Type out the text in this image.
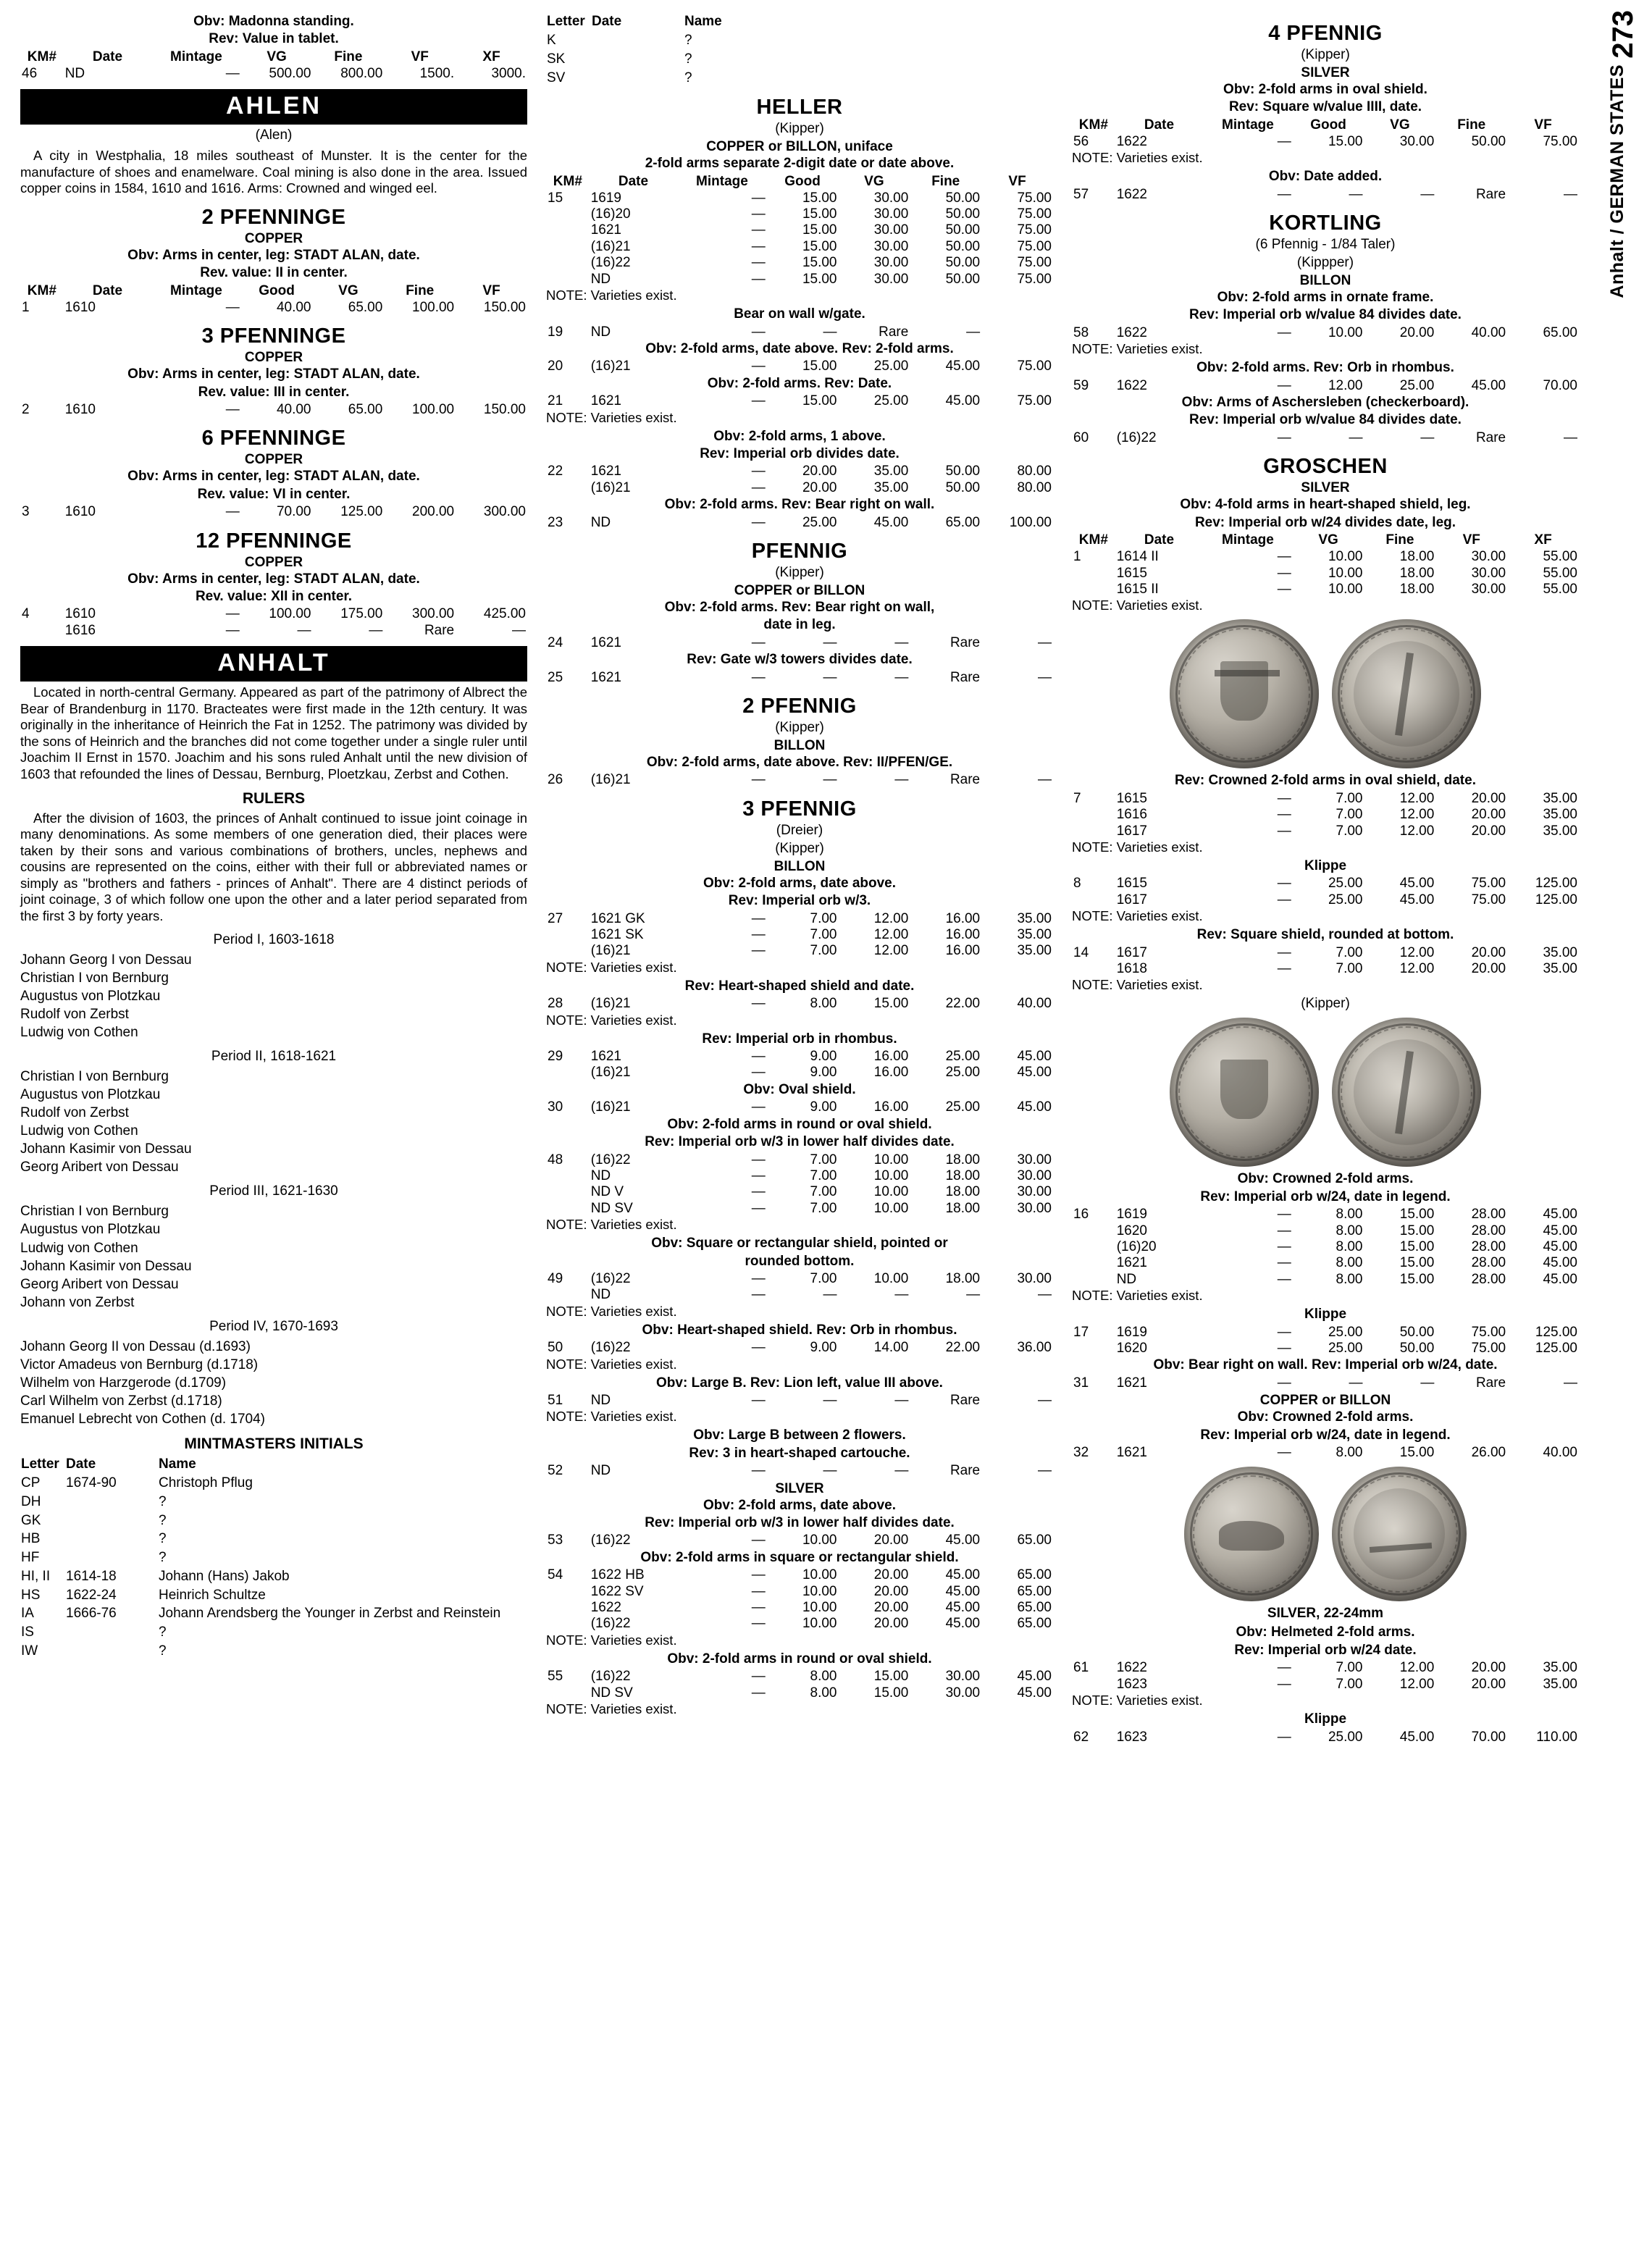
273
Anhalt / GERMAN STATES
Obv: Madonna standing.
Rev: Value in tablet.
KM#	Date	Mintage	VG	Fine	VF	XF
46	ND	—	500.00	800.00	1500.	3000.
AHLEN
(Alen)

A city in Westphalia, 18 miles southeast of Munster. It is the center for the manufacture of shoes and enamelware. Coal mining is also done in the area. Issued copper coins in 1584, 1610 and 1616. Arms: Crowned and winged eel.

2 PFENNINGE
COPPER
Obv: Arms in center, leg: STADT ALAN, date.
Rev. value: II in center.
KM#	Date	Mintage	Good	VG	Fine	VF
1	1610	—	40.00	65.00	100.00	150.00
3 PFENNINGE
COPPER
Obv: Arms in center, leg: STADT ALAN, date.
Rev. value: III in center.
2	1610	—	40.00	65.00	100.00	150.00
6 PFENNINGE
COPPER
Obv: Arms in center, leg: STADT ALAN, date.
Rev. value: VI in center.
3	1610	—	70.00	125.00	200.00	300.00
12 PFENNINGE
COPPER
Obv: Arms in center, leg: STADT ALAN, date.
Rev. value: XII in center.
4	1610	—	100.00	175.00	300.00	425.00
	1616	—	—	—	Rare	—
ANHALT

Located in north-central Germany. Appeared as part of the patrimony of Albrect the Bear of Brandenburg in 1170. Bracteates were first made in the 12th century. It was originally in the inheritance of Heinrich the Fat in 1252. The patrimony was divided by the sons of Heinrich and the branches did not come together under a single ruler until Joachim II Ernst in 1570. Joachim and his sons ruled Anhalt until the new division of 1603 that refounded the lines of Dessau, Bernburg, Ploetzkau, Zerbst and Cothen.

RULERS

After the division of 1603, the princes of Anhalt continued to issue joint coinage in many denominations. As some members of one generation died, their places were taken by their sons and various combinations of brothers, uncles, nephews and cousins are represented on the coins, either with their full or abbreviated names or simply as "brothers and fathers - princes of Anhalt". There are 4 distinct periods of joint coinage, 3 of which follow one upon the other and a later period separated from the first 3 by forty years.

Period I, 1603-1618
Johann Georg I von Dessau
Christian I von Bernburg
Augustus von Plotzkau
Rudolf von Zerbst
Ludwig von Cothen
Period II, 1618-1621
Christian I von Bernburg
Augustus von Plotzkau
Rudolf von Zerbst
Ludwig von Cothen
Johann Kasimir von Dessau
Georg Aribert von Dessau
Period III, 1621-1630
Christian I von Bernburg
Augustus von Plotzkau
Ludwig von Cothen
Johann Kasimir von Dessau
Georg Aribert von Dessau
Johann von Zerbst
Period IV, 1670-1693
Johann Georg II von Dessau (d.1693)
Victor Amadeus von Bernburg (d.1718)
Wilhelm von Harzgerode (d.1709)
Carl Wilhelm von Zerbst (d.1718)
Emanuel Lebrecht von Cothen (d. 1704)
MINTMASTERS INITIALS
Letter	Date	Name
CP	1674-90	Christoph Pflug
DH		?
GK		?
HB		?
HF		?
HI, II	1614-18	Johann (Hans) Jakob
HS	1622-24	Heinrich Schultze
IA	1666-76	Johann Arendsberg the Younger in Zerbst and Reinstein
IS		?
IW		?
Letter	Date	Name
K		?
SK		?
SV		?
HELLER
(Kipper)
COPPER or BILLON, uniface
2-fold arms separate 2-digit date or date above.
KM#	Date	Mintage	Good	VG	Fine	VF
15	1619	—	15.00	30.00	50.00	75.00
	(16)20	—	15.00	30.00	50.00	75.00
	1621	—	15.00	30.00	50.00	75.00
	(16)21	—	15.00	30.00	50.00	75.00
	(16)22	—	15.00	30.00	50.00	75.00
	ND	—	15.00	30.00	50.00	75.00
NOTE: Varieties exist.
Bear on wall w/gate.
19	ND	—	—	Rare	—	
Obv: 2-fold arms, date above. Rev: 2-fold arms.
20	(16)21	—	15.00	25.00	45.00	75.00
Obv: 2-fold arms. Rev: Date.
21	1621	—	15.00	25.00	45.00	75.00
NOTE: Varieties exist.
Obv: 2-fold arms, 1 above.
Rev: Imperial orb divides date.
22	1621	—	20.00	35.00	50.00	80.00
	(16)21	—	20.00	35.00	50.00	80.00
Obv: 2-fold arms. Rev: Bear right on wall.
23	ND	—	25.00	45.00	65.00	100.00
PFENNIG
(Kipper)
COPPER or BILLON
Obv: 2-fold arms. Rev: Bear right on wall,
date in leg.
24	1621	—	—	—	Rare	—
Rev: Gate w/3 towers divides date.
25	1621	—	—	—	Rare	—
2 PFENNIG
(Kipper)
BILLON
Obv: 2-fold arms, date above. Rev: II/PFEN/GE.
26	(16)21	—	—	—	Rare	—
3 PFENNIG
(Dreier)
(Kipper)
BILLON
Obv: 2-fold arms, date above.
Rev: Imperial orb w/3.
27	1621 GK	—	7.00	12.00	16.00	35.00
	1621 SK	—	7.00	12.00	16.00	35.00
	(16)21	—	7.00	12.00	16.00	35.00
NOTE: Varieties exist.
Rev: Heart-shaped shield and date.
28	(16)21	—	8.00	15.00	22.00	40.00
NOTE: Varieties exist.
Rev: Imperial orb in rhombus.
29	1621	—	9.00	16.00	25.00	45.00
	(16)21	—	9.00	16.00	25.00	45.00
Obv: Oval shield.
30	(16)21	—	9.00	16.00	25.00	45.00
Obv: 2-fold arms in round or oval shield.
Rev: Imperial orb w/3 in lower half divides date.
48	(16)22	—	7.00	10.00	18.00	30.00
	ND	—	7.00	10.00	18.00	30.00
	ND V	—	7.00	10.00	18.00	30.00
	ND SV	—	7.00	10.00	18.00	30.00
NOTE: Varieties exist.
Obv: Square or rectangular shield, pointed or
rounded bottom.
49	(16)22	—	7.00	10.00	18.00	30.00
	ND	—	—	—	—	—
NOTE: Varieties exist.
Obv: Heart-shaped shield. Rev: Orb in rhombus.
50	(16)22	—	9.00	14.00	22.00	36.00
NOTE: Varieties exist.
Obv: Large B. Rev: Lion left, value III above.
51	ND	—	—	—	Rare	—
NOTE: Varieties exist.
Obv: Large B between 2 flowers.
Rev: 3 in heart-shaped cartouche.
52	ND	—	—	—	Rare	—
SILVER
Obv: 2-fold arms, date above.
Rev: Imperial orb w/3 in lower half divides date.
53	(16)22	—	10.00	20.00	45.00	65.00
Obv: 2-fold arms in square or rectangular shield.
54	1622 HB	—	10.00	20.00	45.00	65.00
	1622 SV	—	10.00	20.00	45.00	65.00
	1622	—	10.00	20.00	45.00	65.00
	(16)22	—	10.00	20.00	45.00	65.00
NOTE: Varieties exist.
Obv: 2-fold arms in round or oval shield.
55	(16)22	—	8.00	15.00	30.00	45.00
	ND SV	—	8.00	15.00	30.00	45.00
NOTE: Varieties exist.
4 PFENNIG
(Kipper)
SILVER
Obv: 2-fold arms in oval shield.
Rev: Square w/value IIII, date.
KM#	Date	Mintage	Good	VG	Fine	VF
56	1622	—	15.00	30.00	50.00	75.00
NOTE: Varieties exist.
Obv: Date added.
57	1622	—	—	—	Rare	—
KORTLING
(6 Pfennig - 1/84 Taler)
(Kippper)
BILLON
Obv: 2-fold arms in ornate frame.
Rev: Imperial orb w/value 84 divides date.
58	1622	—	10.00	20.00	40.00	65.00
NOTE: Varieties exist.
Obv: 2-fold arms. Rev: Orb in rhombus.
59	1622	—	12.00	25.00	45.00	70.00
Obv: Arms of Aschersleben (checkerboard).
Rev: Imperial orb w/value 84 divides date.
60	(16)22	—	—	—	Rare	—
GROSCHEN
SILVER
Obv: 4-fold arms in heart-shaped shield, leg.
Rev: Imperial orb w/24 divides date, leg.
KM#	Date	Mintage	VG	Fine	VF	XF
1	1614 II	—	10.00	18.00	30.00	55.00
	1615	—	10.00	18.00	30.00	55.00
	1615 II	—	10.00	18.00	30.00	55.00
NOTE: Varieties exist.
Rev: Crowned 2-fold arms in oval shield, date.
7	1615	—	7.00	12.00	20.00	35.00
	1616	—	7.00	12.00	20.00	35.00
	1617	—	7.00	12.00	20.00	35.00
NOTE: Varieties exist.
Klippe
8	1615	—	25.00	45.00	75.00	125.00
	1617	—	25.00	45.00	75.00	125.00
NOTE: Varieties exist.
Rev: Square shield, rounded at bottom.
14	1617	—	7.00	12.00	20.00	35.00
	1618	—	7.00	12.00	20.00	35.00
NOTE: Varieties exist.
(Kipper)
Obv: Crowned 2-fold arms.
Rev: Imperial orb w/24, date in legend.
16	1619	—	8.00	15.00	28.00	45.00
	1620	—	8.00	15.00	28.00	45.00
	(16)20	—	8.00	15.00	28.00	45.00
	1621	—	8.00	15.00	28.00	45.00
	ND	—	8.00	15.00	28.00	45.00
NOTE: Varieties exist.
Klippe
17	1619	—	25.00	50.00	75.00	125.00
	1620	—	25.00	50.00	75.00	125.00
Obv: Bear right on wall. Rev: Imperial orb w/24, date.
31	1621	—	—	—	Rare	—
COPPER or BILLON
Obv: Crowned 2-fold arms.
Rev: Imperial orb w/24, date in legend.
32	1621	—	8.00	15.00	26.00	40.00
SILVER, 22-24mm
Obv: Helmeted 2-fold arms.
Rev: Imperial orb w/24 date.
61	1622	—	7.00	12.00	20.00	35.00
	1623	—	7.00	12.00	20.00	35.00
NOTE: Varieties exist.
Klippe
62	1623	—	25.00	45.00	70.00	110.00
